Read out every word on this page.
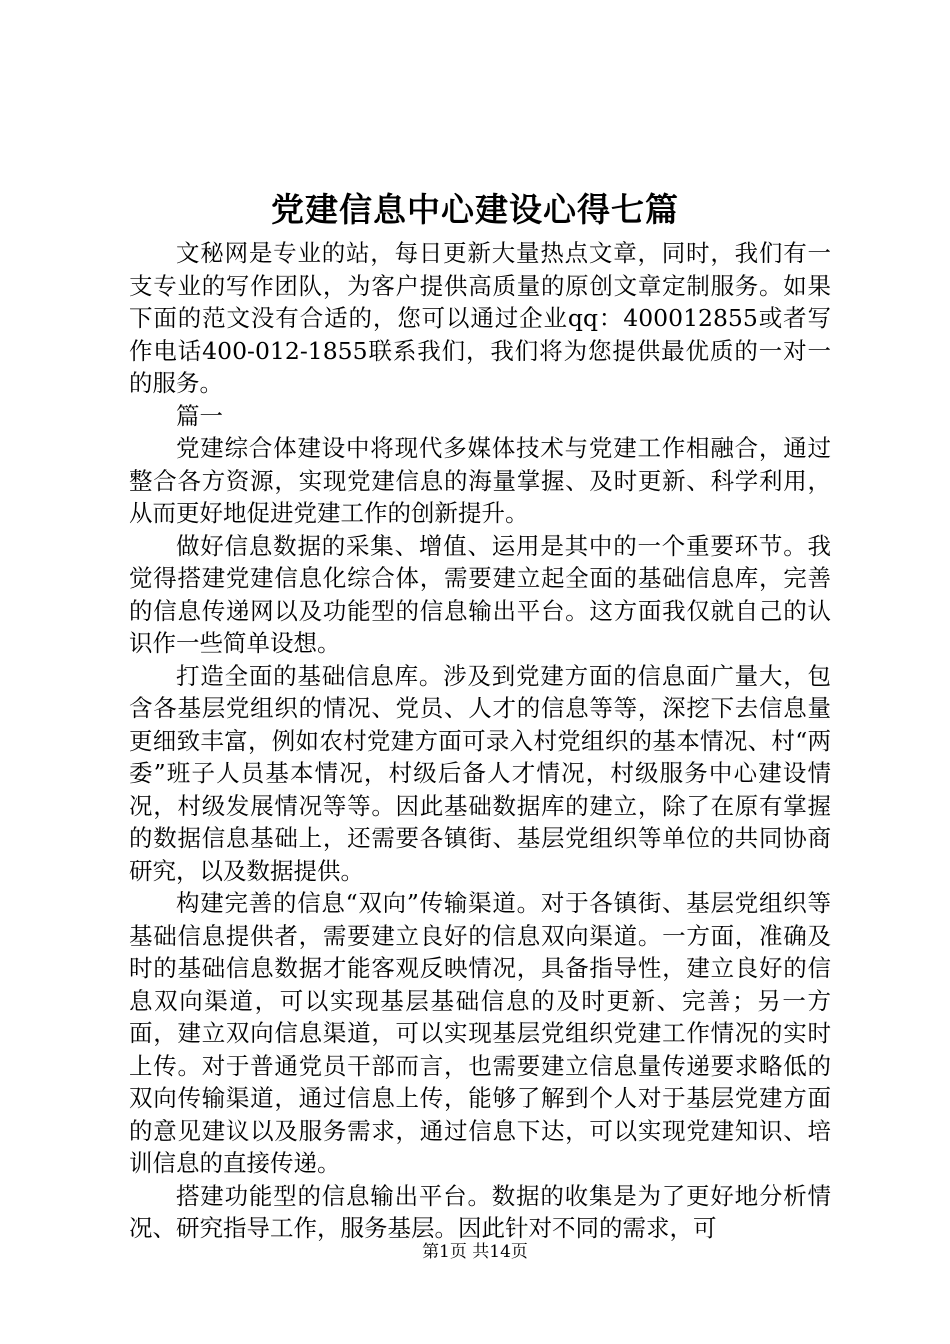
党建信息中心建设心得七篇

文秘网是专业的站，每日更新大量热点文章，同时，我们有一支专业的写作团队，为客户提供高质量的原创文章定制服务。如果下面的范文没有合适的，您可以通过企业qq：400012855或者写作电话400-012-1855联系我们，我们将为您提供最优质的一对一的服务。

篇一

党建综合体建设中将现代多媒体技术与党建工作相融合，通过整合各方资源，实现党建信息的海量掌握、及时更新、科学利用，从而更好地促进党建工作的创新提升。

做好信息数据的采集、增值、运用是其中的一个重要环节。我觉得搭建党建信息化综合体，需要建立起全面的基础信息库，完善的信息传递网以及功能型的信息输出平台。这方面我仅就自己的认识作一些简单设想。

打造全面的基础信息库。涉及到党建方面的信息面广量大，包含各基层党组织的情况、党员、人才的信息等等，深挖下去信息量更细致丰富，例如农村党建方面可录入村党组织的基本情况、村“两委”班子人员基本情况，村级后备人才情况，村级服务中心建设情况，村级发展情况等等。因此基础数据库的建立，除了在原有掌握的数据信息基础上，还需要各镇街、基层党组织等单位的共同协商研究，以及数据提供。

构建完善的信息“双向”传输渠道。对于各镇街、基层党组织等基础信息提供者，需要建立良好的信息双向渠道。一方面，准确及时的基础信息数据才能客观反映情况，具备指导性，建立良好的信息双向渠道，可以实现基层基础信息的及时更新、完善；另一方面，建立双向信息渠道，可以实现基层党组织党建工作情况的实时上传。对于普通党员干部而言，也需要建立信息量传递要求略低的双向传输渠道，通过信息上传，能够了解到个人对于基层党建方面的意见建议以及服务需求，通过信息下达，可以实现党建知识、培训信息的直接传递。

搭建功能型的信息输出平台。数据的收集是为了更好地分析情况、研究指导工作，服务基层。因此针对不同的需求，可

第1页 共14页
